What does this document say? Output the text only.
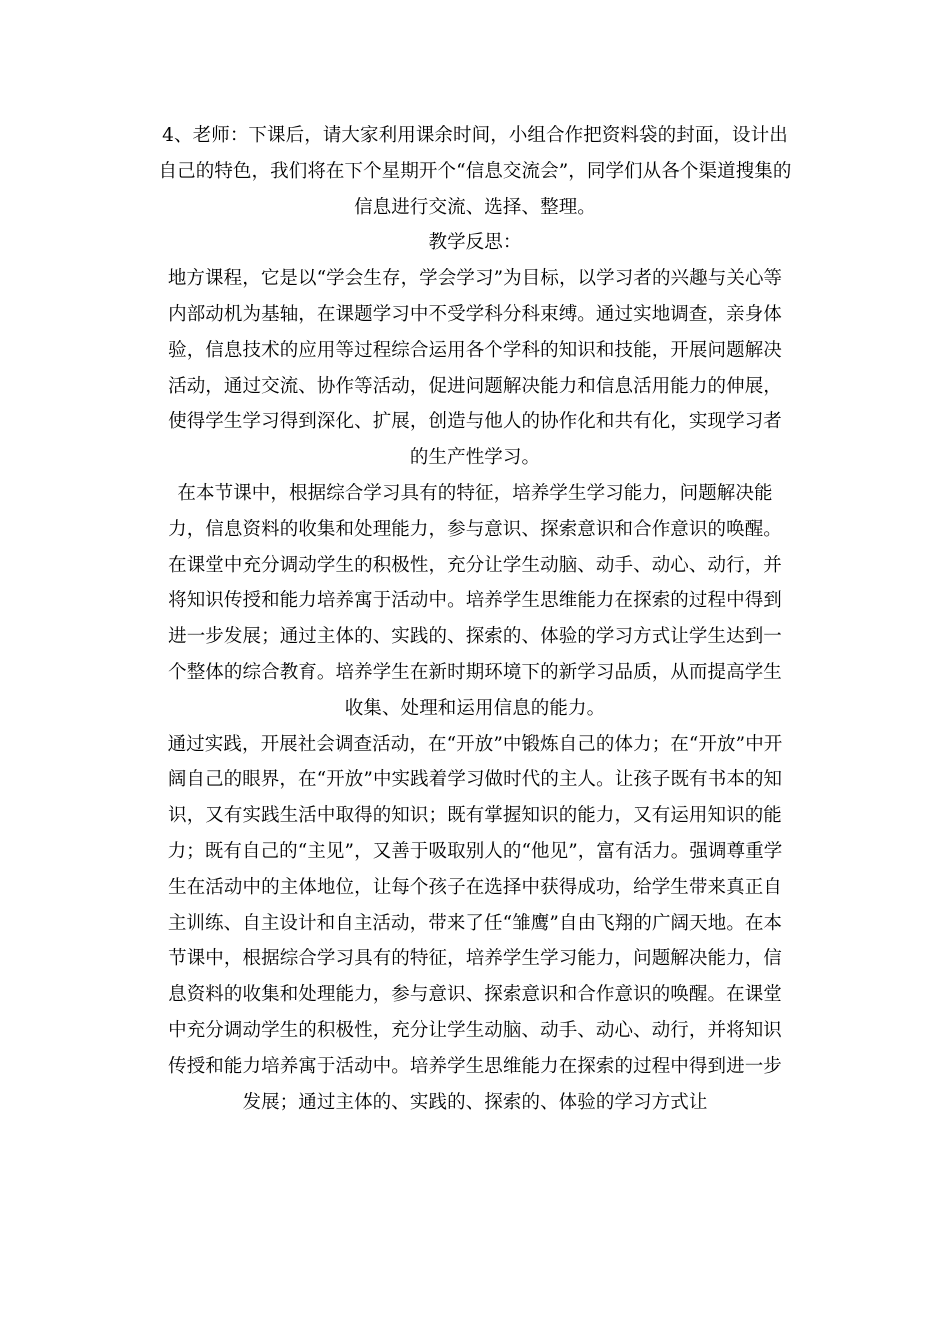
4、老师：下课后，请大家利用课余时间，小组合作把资料袋的封面，设计出自己的特色，我们将在下个星期开个“信息交流会”，同学们从各个渠道搜集的信息进行交流、选择、整理。

教学反思：

地方课程，它是以“学会生存，学会学习”为目标，以学习者的兴趣与关心等内部动机为基轴，在课题学习中不受学科分科束缚。通过实地调查，亲身体验，信息技术的应用等过程综合运用各个学科的知识和技能，开展问题解决活动，通过交流、协作等活动，促进问题解决能力和信息活用能力的伸展，使得学生学习得到深化、扩展，创造与他人的协作化和共有化，实现学习者的生产性学习。

在本节课中，根据综合学习具有的特征，培养学生学习能力，问题解决能力，信息资料的收集和处理能力，参与意识、探索意识和合作意识的唤醒。在课堂中充分调动学生的积极性，充分让学生动脑、动手、动心、动行，并将知识传授和能力培养寓于活动中。培养学生思维能力在探索的过程中得到进一步发展；通过主体的、实践的、探索的、体验的学习方式让学生达到一个整体的综合教育。培养学生在新时期环境下的新学习品质，从而提高学生收集、处理和运用信息的能力。

通过实践，开展社会调查活动，在“开放”中锻炼自己的体力；在“开放”中开阔自己的眼界，在“开放”中实践着学习做时代的主人。让孩子既有书本的知识，又有实践生活中取得的知识；既有掌握知识的能力，又有运用知识的能力；既有自己的“主见”，又善于吸取别人的“他见”，富有活力。强调尊重学生在活动中的主体地位，让每个孩子在选择中获得成功，给学生带来真正自主训练、自主设计和自主活动，带来了任“雏鹰”自由飞翔的广阔天地。在本节课中，根据综合学习具有的特征，培养学生学习能力，问题解决能力，信息资料的收集和处理能力，参与意识、探索意识和合作意识的唤醒。在课堂中充分调动学生的积极性，充分让学生动脑、动手、动心、动行，并将知识传授和能力培养寓于活动中。培养学生思维能力在探索的过程中得到进一步发展；通过主体的、实践的、探索的、体验的学习方式让
